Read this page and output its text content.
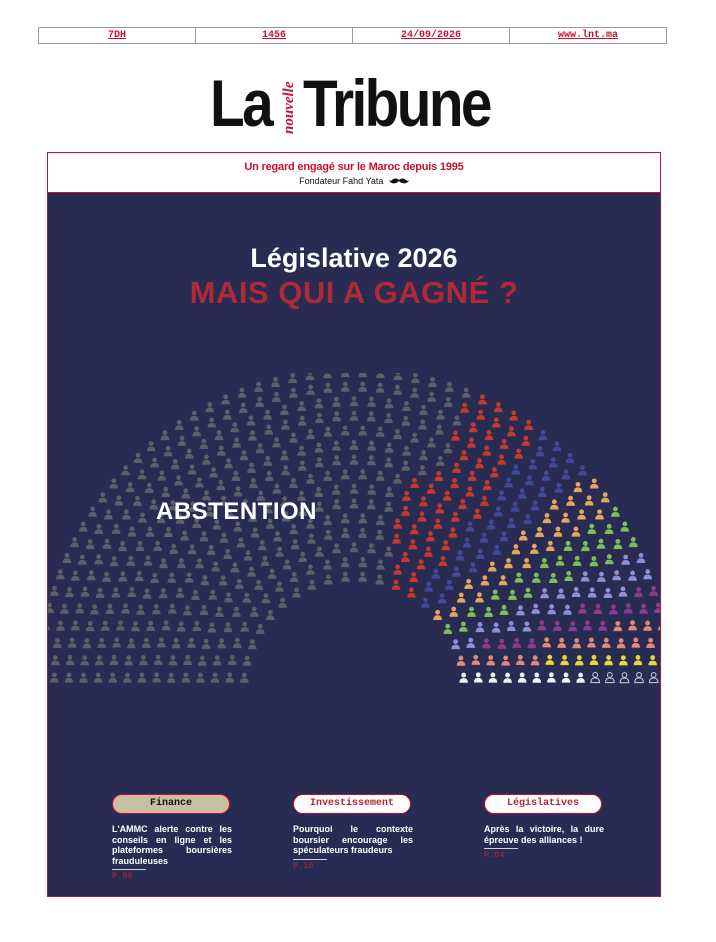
7DH	1456	24/09/2026	www.lnt.ma
La nouvelle Tribune
Un regard engagé sur le Maroc depuis 1995
Fondateur Fahd Yata
Législative 2026
MAIS QUI A GAGNÉ ?
ABSTENTION
Finance
L'AMMC alerte contre les conseils en ligne et les plateformes boursières frauduleuses
P.09
Investissement
Pourquoi le contexte boursier encourage les spéculateurs fraudeurs
P.10
Législatives
Après la victoire, la dure épreuve des alliances !
P.04
